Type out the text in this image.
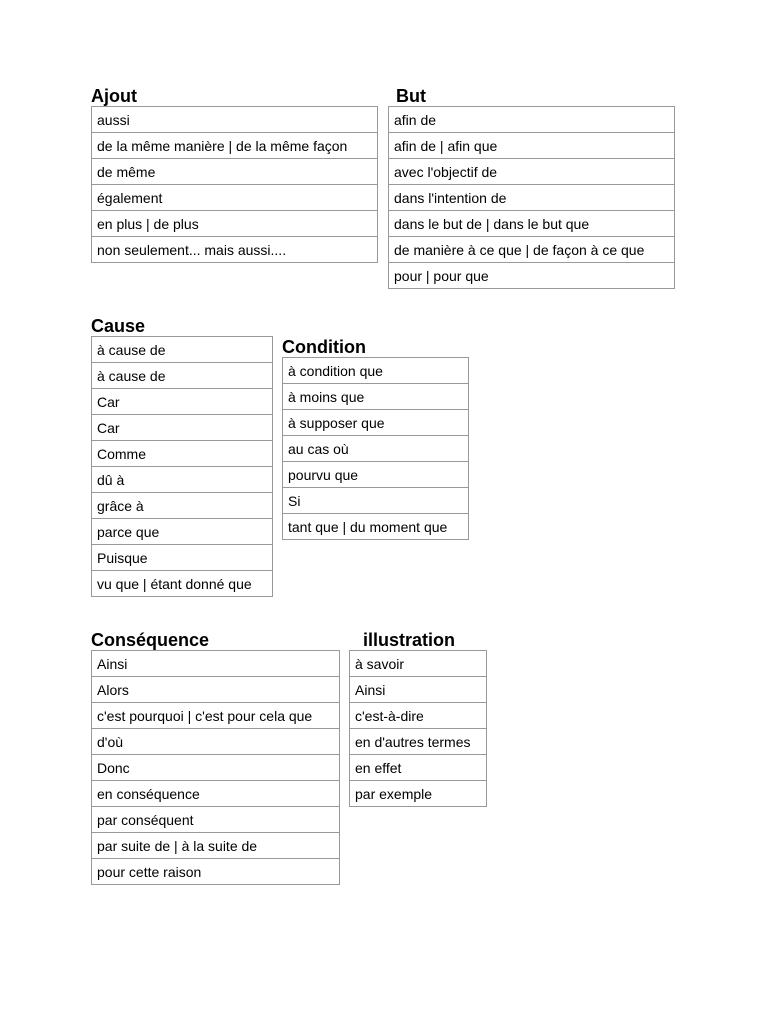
Ajout
aussi
de la même manière | de la même façon
de même
également
en plus | de plus
non seulement... mais aussi....
But
afin de
afin de | afin que
avec l'objectif de
dans l'intention de
dans le but de | dans le but que
de manière à ce que | de façon à ce que
pour | pour que
Cause
à cause de
à cause de
Car
Car
Comme
dû à
grâce à
parce que
Puisque
vu que | étant donné que
Condition
à condition que
à moins que
à supposer que
au cas où
pourvu que
Si
tant que | du moment que
Conséquence
Ainsi
Alors
c'est pourquoi | c'est pour cela que
d'où
Donc
en conséquence
par conséquent
par suite de | à la suite de
pour cette raison
illustration
à savoir
Ainsi
c'est-à-dire
en d'autres termes
en effet
par exemple
